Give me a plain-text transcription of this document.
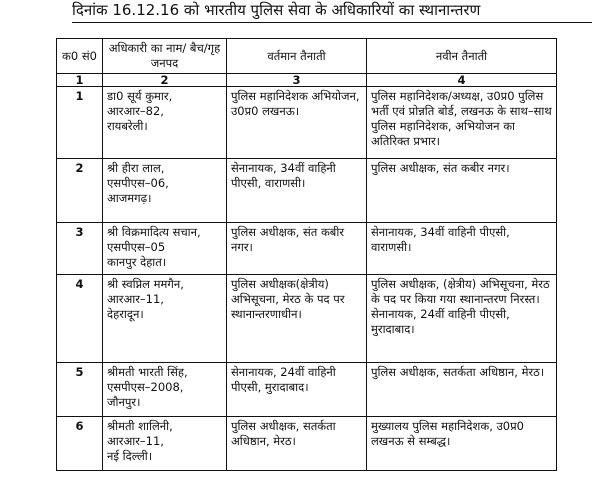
दिनांक 16.12.16 को भारतीय पुलिस सेवा के अधिकारियों का स्थानान्तरण
क0 सं0	अधिकारी का नाम/ बैच/गृह जनपद	वर्तमान तैनाती	नवीन तैनाती
1	2	3	4
1	डा0 सूर्य कुमार,
आरआर–82,
रायबरेली।	पुलिस महानिदेशक अभियोजन, उ0प्र0 लखनऊ।	पुलिस महानिदेशक/अध्यक्ष, उ0प्र0 पुलिस भर्ती एवं प्रोन्नति बोर्ड, लखनऊ के साथ–साथ पुलिस महानिदेशक, अभियोजन का अतिरिक्त प्रभार।

2	श्री हीरा लाल,
एसपीएस–06,
आजमगढ़।	सेनानायक, 34वीं वाहिनी पीएसी, वाराणसी।	पुलिस अधीक्षक, संत कबीर नगर।

3	श्री विक्रमादित्य सचान,
एसपीएस–05
कानपुर देहात।	पुलिस अधीक्षक, संत कबीर नगर।	सेनानायक, 34वीं वाहिनी पीएसी, वाराणसी।

4	श्री स्वप्निल ममगैन,
आरआर–11,
देहरादून।	पुलिस अधीक्षक(क्षेत्रीय) अभिसूचना, मेरठ के पद पर स्थानान्तरणाधीन।	पुलिस अधीक्षक, (क्षेत्रीय) अभिसूचना, मेरठ के पद पर किया गया स्थानान्तरण निरस्त।
सेनानायक, 24वीं वाहिनी पीएसी, मुरादाबाद।

5	श्रीमती भारती सिंह,
एसपीएस–2008,
जौनपुर।	सेनानायक, 24वीं वाहिनी पीएसी, मुरादाबाद।	पुलिस अधीक्षक, सतर्कता अधिष्ठान, मेरठ।

6	श्रीमती शालिनी,
आरआर–11,
नई दिल्ली।	पुलिस अधीक्षक, सतर्कता अधिष्ठान, मेरठ।	मुख्यालय पुलिस महानिदेशक, उ0प्र0 लखनऊ से सम्बद्ध।
